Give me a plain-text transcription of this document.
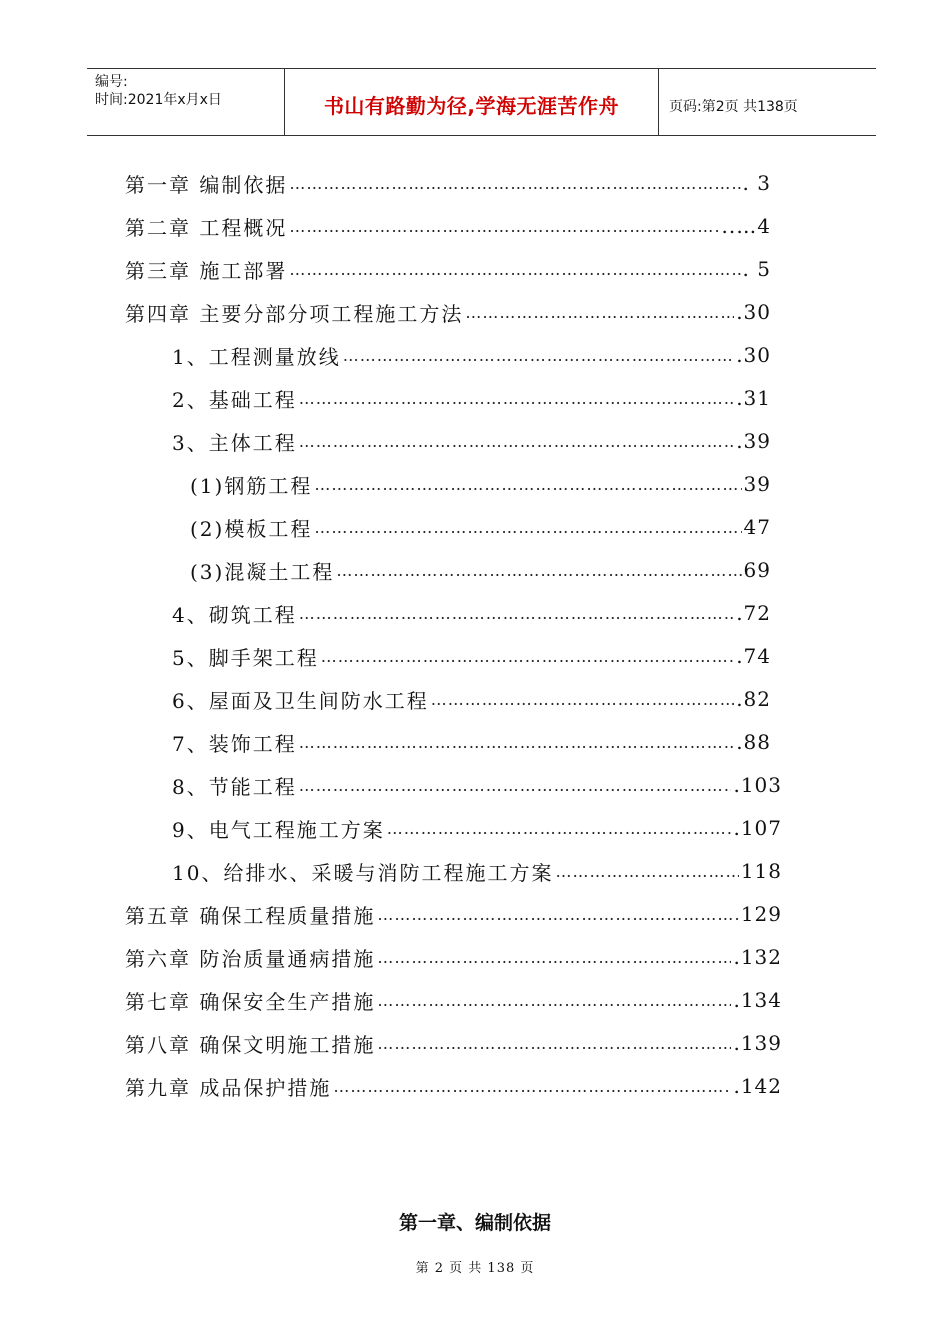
编号:
时间:2021年x月x日	书山有路勤为径,学海无涯苦作舟	页码:第2页 共138页
第一章 编制依据 …………………………………………………………………………………………………………………………………………………………	. 3
第二章 工程概况 …………………………………………………………………………………………………………………………………………………………	..…4
第三章 施工部署 …………………………………………………………………………………………………………………………………………………………	. 5
第四章 主要分部分项工程施工方法 …………………………………………………………………………………………………………………………………………………………	.30
1、工程测量放线 …………………………………………………………………………………………………………………………………………………………	.30
2、基础工程 …………………………………………………………………………………………………………………………………………………………	.31
3、主体工程 …………………………………………………………………………………………………………………………………………………………	.39
(1)钢筋工程 …………………………………………………………………………………………………………………………………………………………	39
(2)模板工程 …………………………………………………………………………………………………………………………………………………………	47
(3)混凝土工程 …………………………………………………………………………………………………………………………………………………………	69
4、砌筑工程 …………………………………………………………………………………………………………………………………………………………	.72
5、脚手架工程 …………………………………………………………………………………………………………………………………………………………	.74
6、屋面及卫生间防水工程 …………………………………………………………………………………………………………………………………………………………	.82
7、装饰工程 …………………………………………………………………………………………………………………………………………………………	.88
8、节能工程 …………………………………………………………………………………………………………………………………………………………	.103
9、电气工程施工方案 …………………………………………………………………………………………………………………………………………………………	.107
10、给排水、采暖与消防工程施工方案 …………………………………………………………………………………………………………………………………………………………	118
第五章 确保工程质量措施 …………………………………………………………………………………………………………………………………………………………	129
第六章 防治质量通病措施 …………………………………………………………………………………………………………………………………………………………	.132
第七章 确保安全生产措施 …………………………………………………………………………………………………………………………………………………………	.134
第八章 确保文明施工措施 …………………………………………………………………………………………………………………………………………………………	.139
第九章 成品保护措施 …………………………………………………………………………………………………………………………………………………………	.142
第一章、编制依据
第 2 页 共 138 页
